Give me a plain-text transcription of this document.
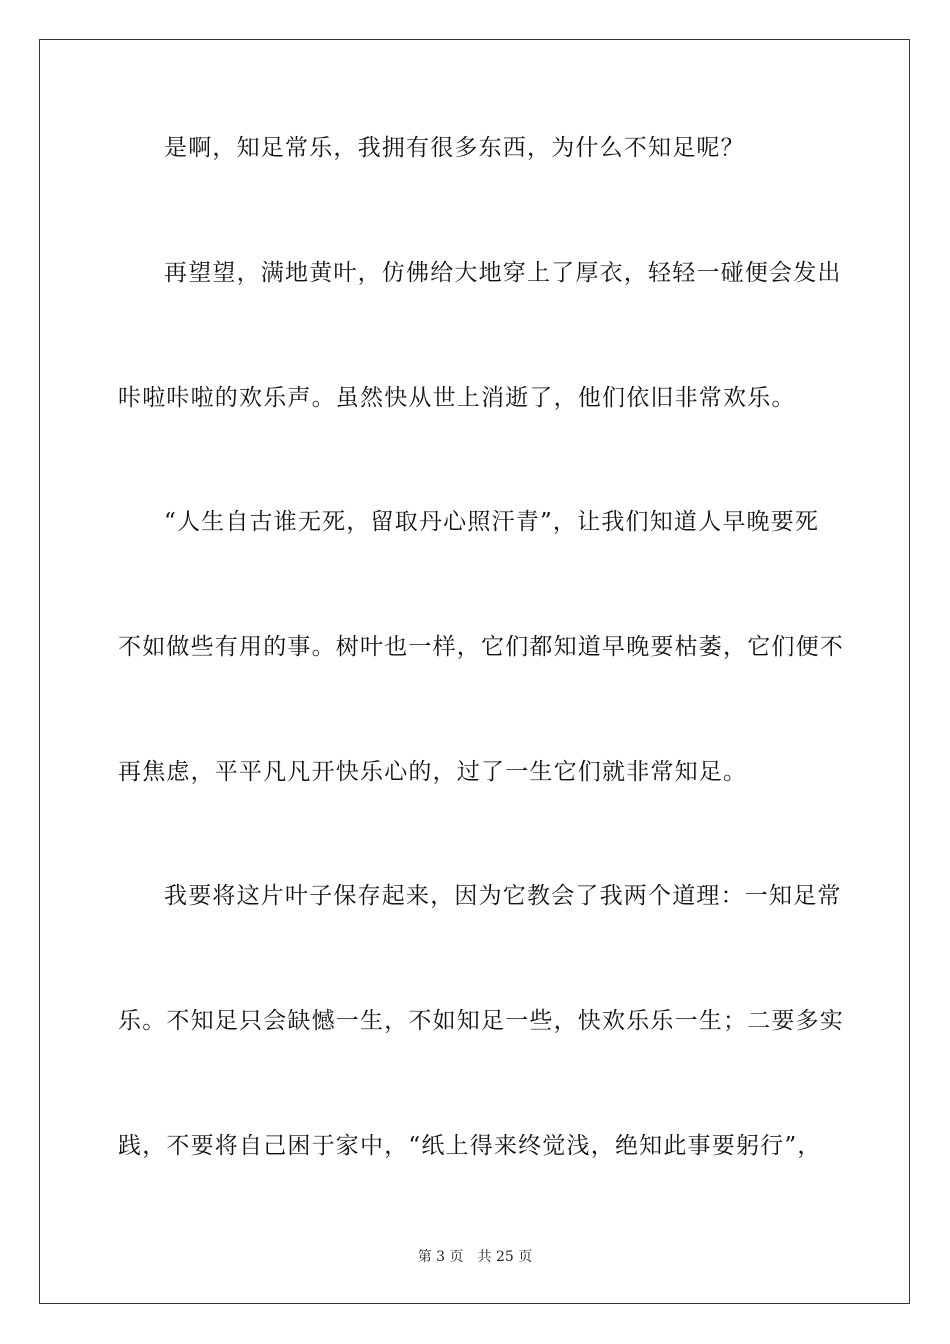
是啊，知足常乐，我拥有很多东西，为什么不知足呢？
再望望，满地黄叶，仿佛给大地穿上了厚衣，轻轻一碰便会发出
咔啦咔啦的欢乐声。虽然快从世上消逝了，他们依旧非常欢乐。
“人生自古谁无死，留取丹心照汗青”，让我们知道人早晚要死
不如做些有用的事。树叶也一样，它们都知道早晚要枯萎，它们便不
再焦虑，平平凡凡开快乐心的，过了一生它们就非常知足。
我要将这片叶子保存起来，因为它教会了我两个道理：一知足常
乐。不知足只会缺憾一生，不如知足一些，快欢乐乐一生；二要多实
践，不要将自己困于家中，“纸上得来终觉浅，绝知此事要躬行”，
第 3 页 共 25 页
